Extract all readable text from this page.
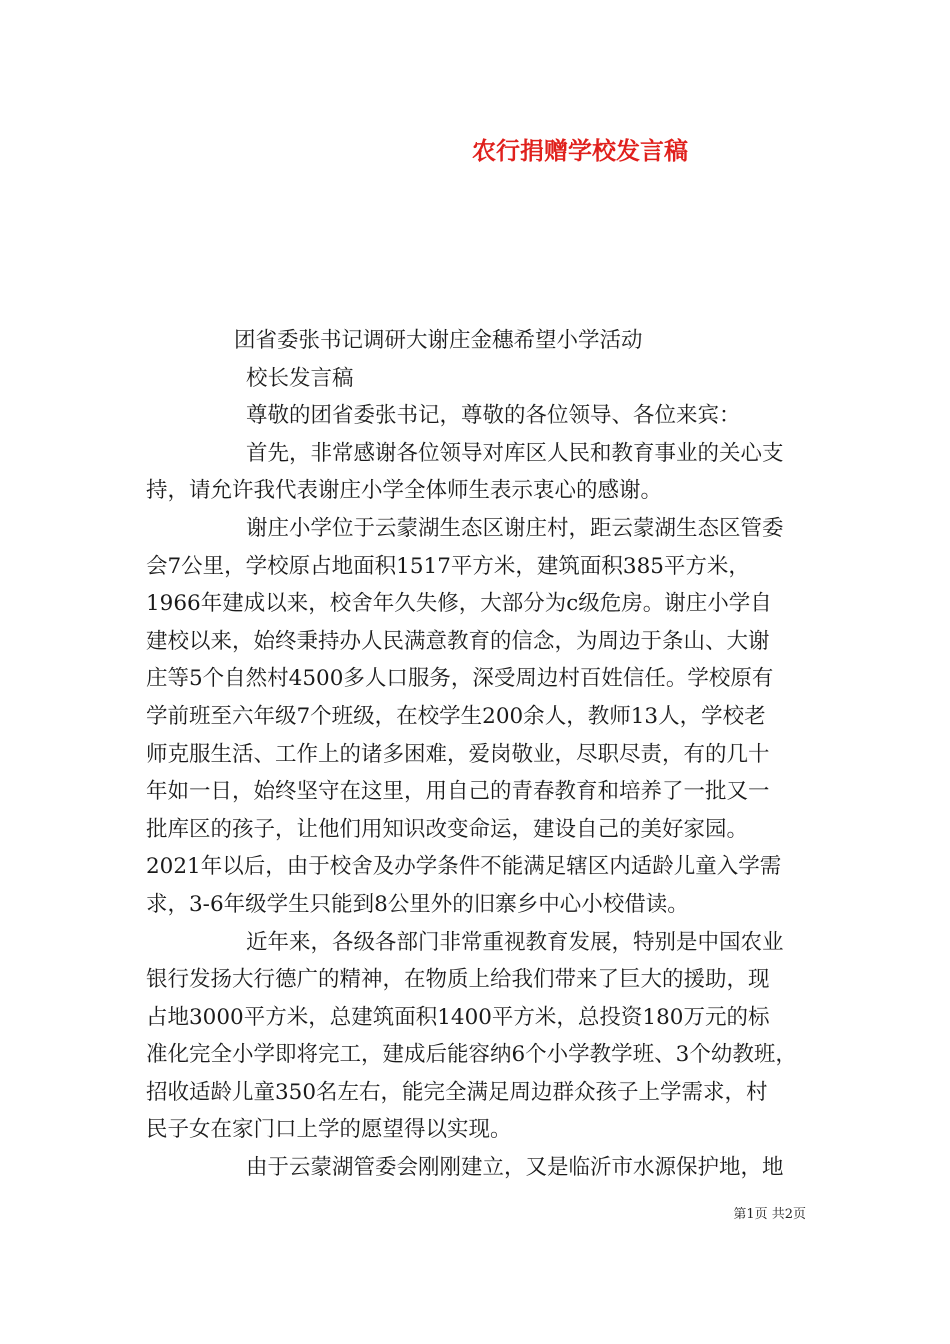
农行捐赠学校发言稿
团省委张书记调研大谢庄金穗希望小学活动
校长发言稿
尊敬的团省委张书记，尊敬的各位领导、各位来宾：
首先，非常感谢各位领导对库区人民和教育事业的关心支
持，请允许我代表谢庄小学全体师生表示衷心的感谢。
谢庄小学位于云蒙湖生态区谢庄村，距云蒙湖生态区管委
会7公里，学校原占地面积1517平方米，建筑面积385平方米，
1966年建成以来，校舍年久失修，大部分为c级危房。谢庄小学自
建校以来，始终秉持办人民满意教育的信念，为周边于条山、大谢
庄等5个自然村4500多人口服务，深受周边村百姓信任。学校原有
学前班至六年级7个班级，在校学生200余人，教师13人，学校老
师克服生活、工作上的诸多困难，爱岗敬业，尽职尽责，有的几十
年如一日，始终坚守在这里，用自己的青春教育和培养了一批又一
批库区的孩子，让他们用知识改变命运，建设自己的美好家园。
2021年以后，由于校舍及办学条件不能满足辖区内适龄儿童入学需
求，3-6年级学生只能到8公里外的旧寨乡中心小校借读。
近年来，各级各部门非常重视教育发展，特别是中国农业
银行发扬大行德广的精神，在物质上给我们带来了巨大的援助，现
占地3000平方米，总建筑面积1400平方米，总投资180万元的标
准化完全小学即将完工，建成后能容纳6个小学教学班、3个幼教班，
招收适龄儿童350名左右，能完全满足周边群众孩子上学需求，村
民子女在家门口上学的愿望得以实现。
由于云蒙湖管委会刚刚建立，又是临沂市水源保护地，地
第1页 共2页
